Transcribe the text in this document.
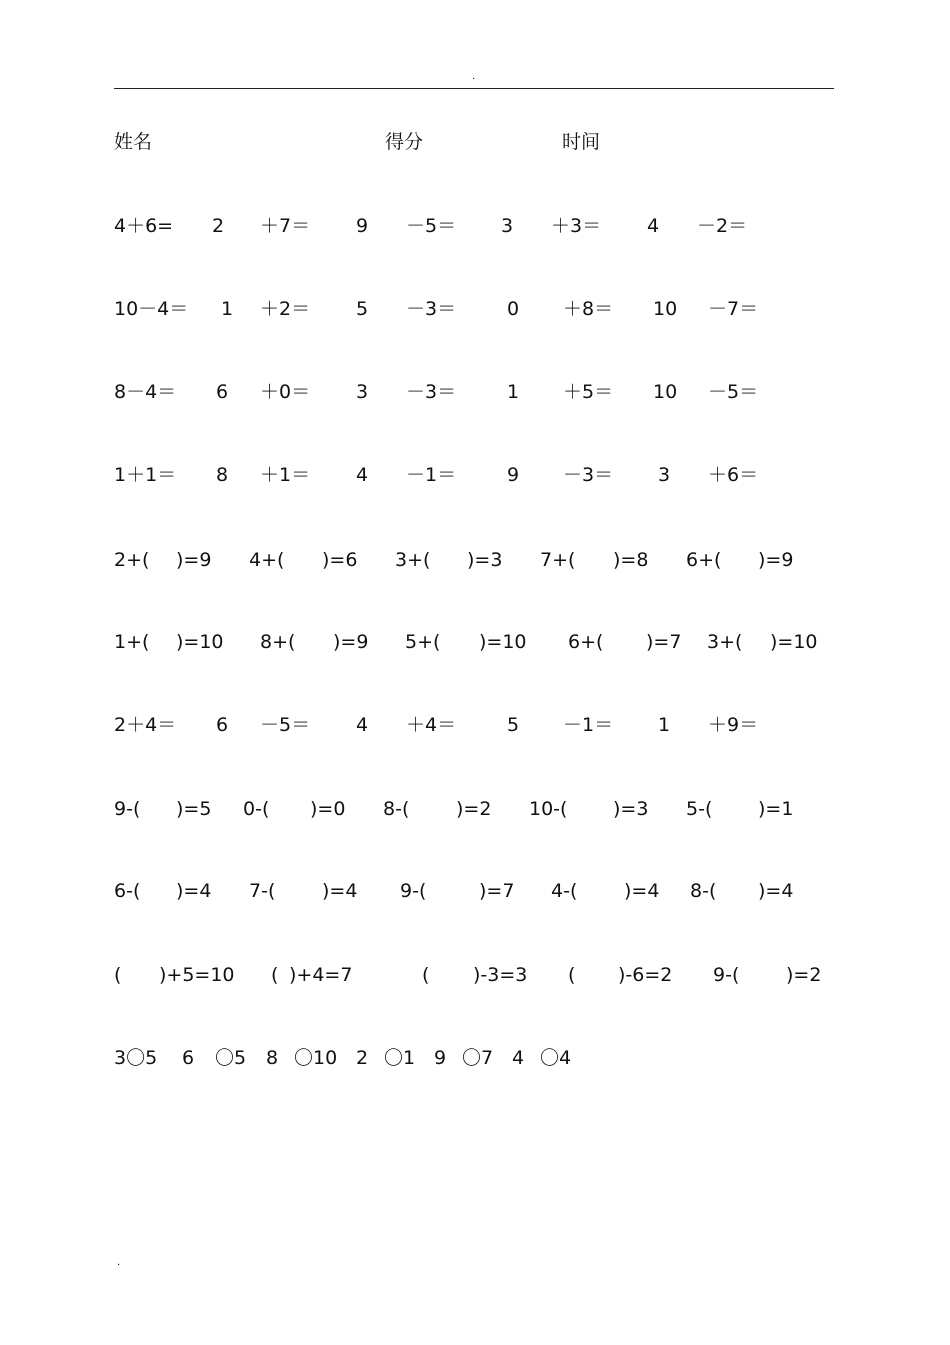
.
姓名	得分	时间
4＋6= 2 ＋7＝ 9 －5＝ 3 ＋3＝ 4 －2＝
10－4＝ 1 ＋2＝ 5 －3＝	0 ＋8＝ 10 －7＝
8－4＝ 6 ＋0＝ 3 －3＝	1 ＋5＝ 10 －5＝
1＋1＝ 8 ＋1＝ 4 －1＝	9 －3＝ 3 ＋6＝
2+( )=9 4+( )=6 3+( )=3 7+( )=8 6+( )=9
1+( )=10 8+( )=9 5+( )=10 6+( )=7 3+( )=10
2＋4＝ 6 －5＝ 4 ＋4＝	5 －1＝ 1 ＋9＝
9-( )=5 0-( )=0 8-( )=2 10-( )=3 5-( )=1
6-( )=4 7-( )=4 9-(	)=7 4-( )=4 8-( )=4
( )+5=10 ( )+4=7	( )-3=3 ( )-6=2 9-( )=2
3〇5 6 〇5 8 〇10 2 〇1 9 〇7 4 〇4
.
